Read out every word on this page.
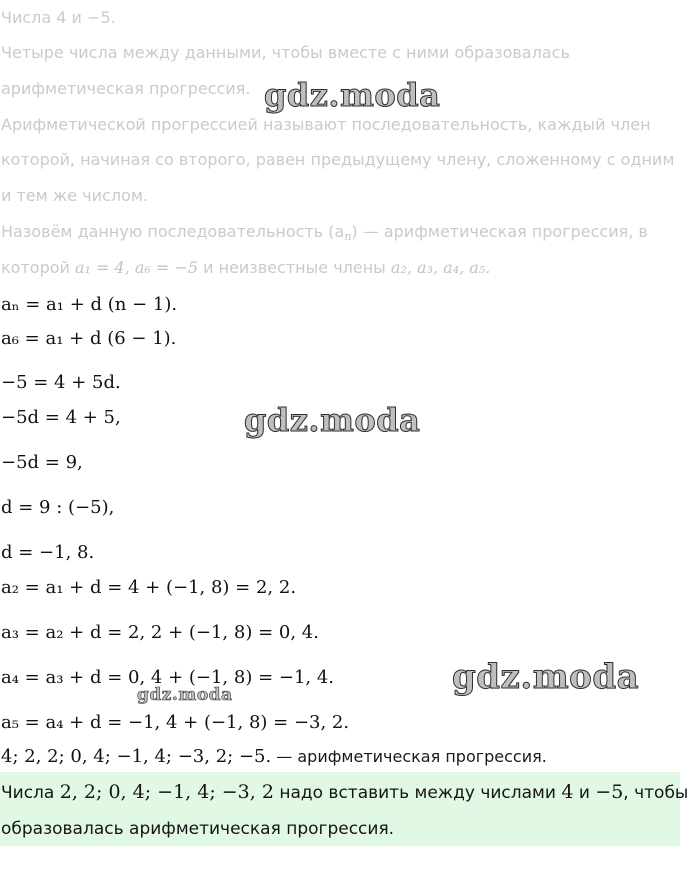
Числа 4 и −5.
Четыре числа между данными, чтобы вместе с ними образовалась
арифметическая прогрессия.
Арифметической прогрессией называют последовательность, каждый член
которой, начиная со второго, равен предыдущему члену, сложенному с одним
и тем же числом.
Назовём данную последовательность $(a_n)$ — арифметическая прогрессия, в
которой a₁ = 4, a₆ = −5 и неизвестные члены a₂, a₃, a₄, a₅.
aₙ = a₁ + d (n − 1).
a₆ = a₁ + d (6 − 1).
−5 = 4 + 5d.
−5d = 4 + 5,
−5d = 9,
d = 9 : (−5),
d = −1, 8.
a₂ = a₁ + d = 4 + (−1, 8) = 2, 2.
a₃ = a₂ + d = 2, 2 + (−1, 8) = 0, 4.
a₄ = a₃ + d = 0, 4 + (−1, 8) = −1, 4.
a₅ = a₄ + d = −1, 4 + (−1, 8) = −3, 2.
4; 2, 2; 0, 4; −1, 4; −3, 2; −5. — арифметическая прогрессия.
Числа 2, 2; 0, 4; −1, 4; −3, 2 надо вставить между числами 4 и −5, чтобы
образовалась арифметическая прогрессия.
gdz.moda
gdz.moda
gdz.moda
gdz.moda
